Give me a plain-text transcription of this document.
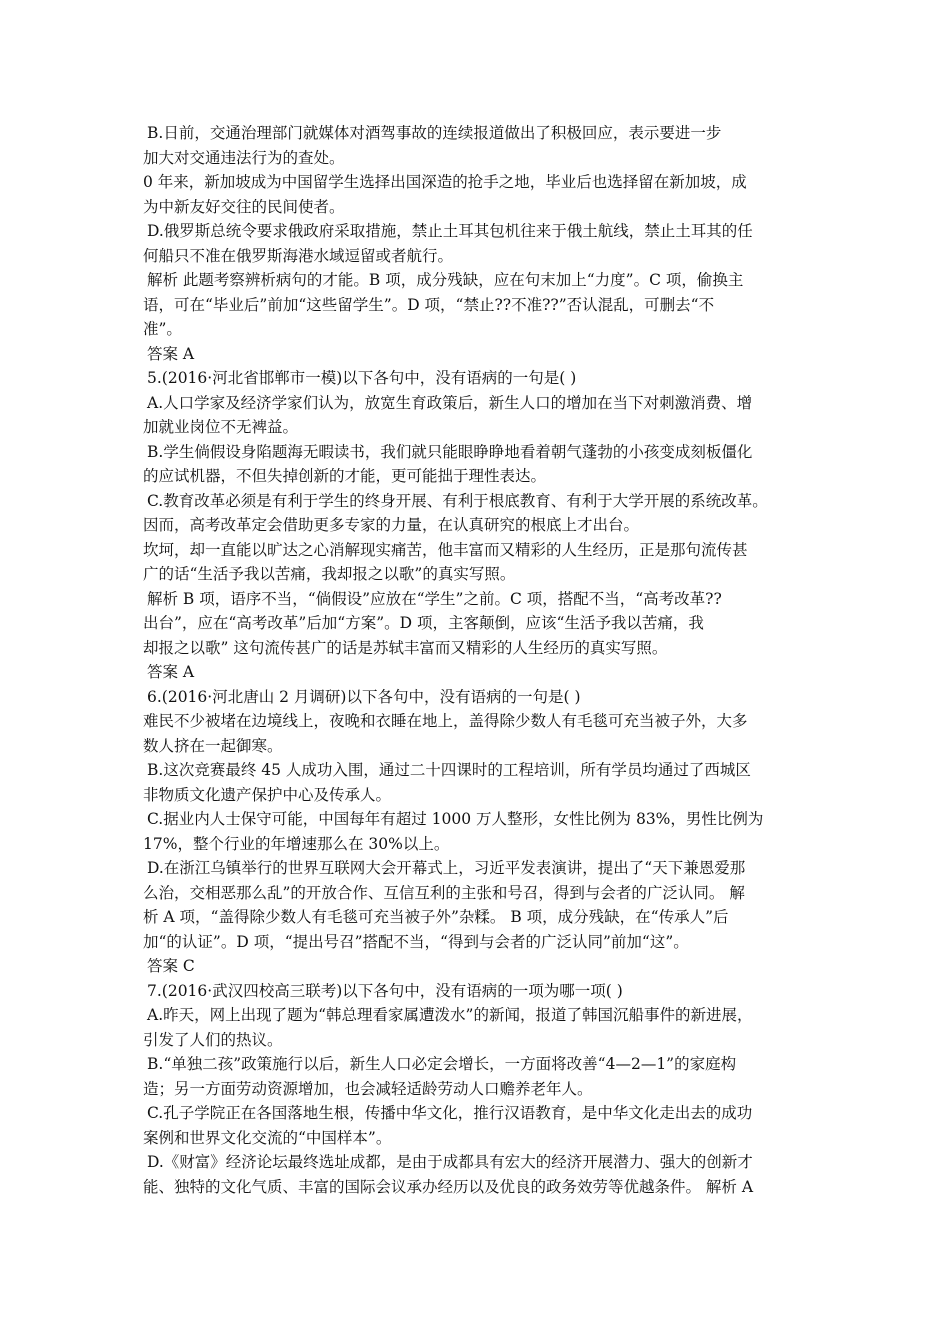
B.日前，交通治理部门就媒体对酒驾事故的连续报道做出了积极回应，表示要进一步
加大对交通违法行为的查处。
0 年来，新加坡成为中国留学生选择出国深造的抢手之地，毕业后也选择留在新加坡，成
为中新友好交往的民间使者。
D.俄罗斯总统令要求俄政府采取措施，禁止土耳其包机往来于俄土航线，禁止土耳其的任
何船只不准在俄罗斯海港水域逗留或者航行。
解析 此题考察辨析病句的才能。B 项，成分残缺，应在句末加上“力度”。C 项，偷换主
语，可在“毕业后”前加“这些留学生”。D 项，“禁止??不准??”否认混乱，可删去“不
准”。
答案 A
5.(2016·河北省邯郸市一模)以下各句中，没有语病的一句是( )
A.人口学家及经济学家们认为，放宽生育政策后，新生人口的增加在当下对刺激消费、增
加就业岗位不无裨益。
B.学生倘假设身陷题海无暇读书，我们就只能眼睁睁地看着朝气蓬勃的小孩变成刻板僵化
的应试机器，不但失掉创新的才能，更可能拙于理性表达。
C.教育改革必须是有利于学生的终身开展、有利于根底教育、有利于大学开展的系统改革。
因而，高考改革定会借助更多专家的力量，在认真研究的根底上才出台。
坎坷，却一直能以旷达之心消解现实痛苦，他丰富而又精彩的人生经历，正是那句流传甚
广的话“生活予我以苦痛，我却报之以歌”的真实写照。
解析 B 项，语序不当，“倘假设”应放在“学生”之前。C 项，搭配不当，“高考改革??
出台”，应在“高考改革”后加“方案”。D 项，主客颠倒，应该“生活予我以苦痛，我
却报之以歌” 这句流传甚广的话是苏轼丰富而又精彩的人生经历的真实写照。
答案 A
6.(2016·河北唐山 2 月调研)以下各句中，没有语病的一句是( )
难民不少被堵在边境线上，夜晚和衣睡在地上，盖得除少数人有毛毯可充当被子外，大多
数人挤在一起御寒。
B.这次竞赛最终 45 人成功入围，通过二十四课时的工程培训，所有学员均通过了西城区
非物质文化遗产保护中心及传承人。
C.据业内人士保守可能，中国每年有超过 1000 万人整形，女性比例为 83%，男性比例为
17%，整个行业的年增速那么在 30%以上。
D.在浙江乌镇举行的世界互联网大会开幕式上，习近平发表演讲，提出了“天下兼恩爱那
么治，交相恶那么乱”的开放合作、互信互利的主张和号召，得到与会者的广泛认同。 解
析 A 项，“盖得除少数人有毛毯可充当被子外”杂糅。 B 项，成分残缺，在“传承人”后
加“的认证”。D 项，“提出号召”搭配不当，“得到与会者的广泛认同”前加“这”。
答案 C
7.(2016·武汉四校高三联考)以下各句中，没有语病的一项为哪一项( )
A.昨天，网上出现了题为“韩总理看家属遭泼水”的新闻，报道了韩国沉船事件的新进展，
引发了人们的热议。
B.“单独二孩”政策施行以后，新生人口必定会增长，一方面将改善“4—2—1”的家庭构
造；另一方面劳动资源增加，也会减轻适龄劳动人口赡养老年人。
C.孔子学院正在各国落地生根，传播中华文化，推行汉语教育，是中华文化走出去的成功
案例和世界文化交流的“中国样本”。
D.《财富》经济论坛最终选址成都，是由于成都具有宏大的经济开展潜力、强大的创新才
能、独特的文化气质、丰富的国际会议承办经历以及优良的政务效劳等优越条件。 解析 A
